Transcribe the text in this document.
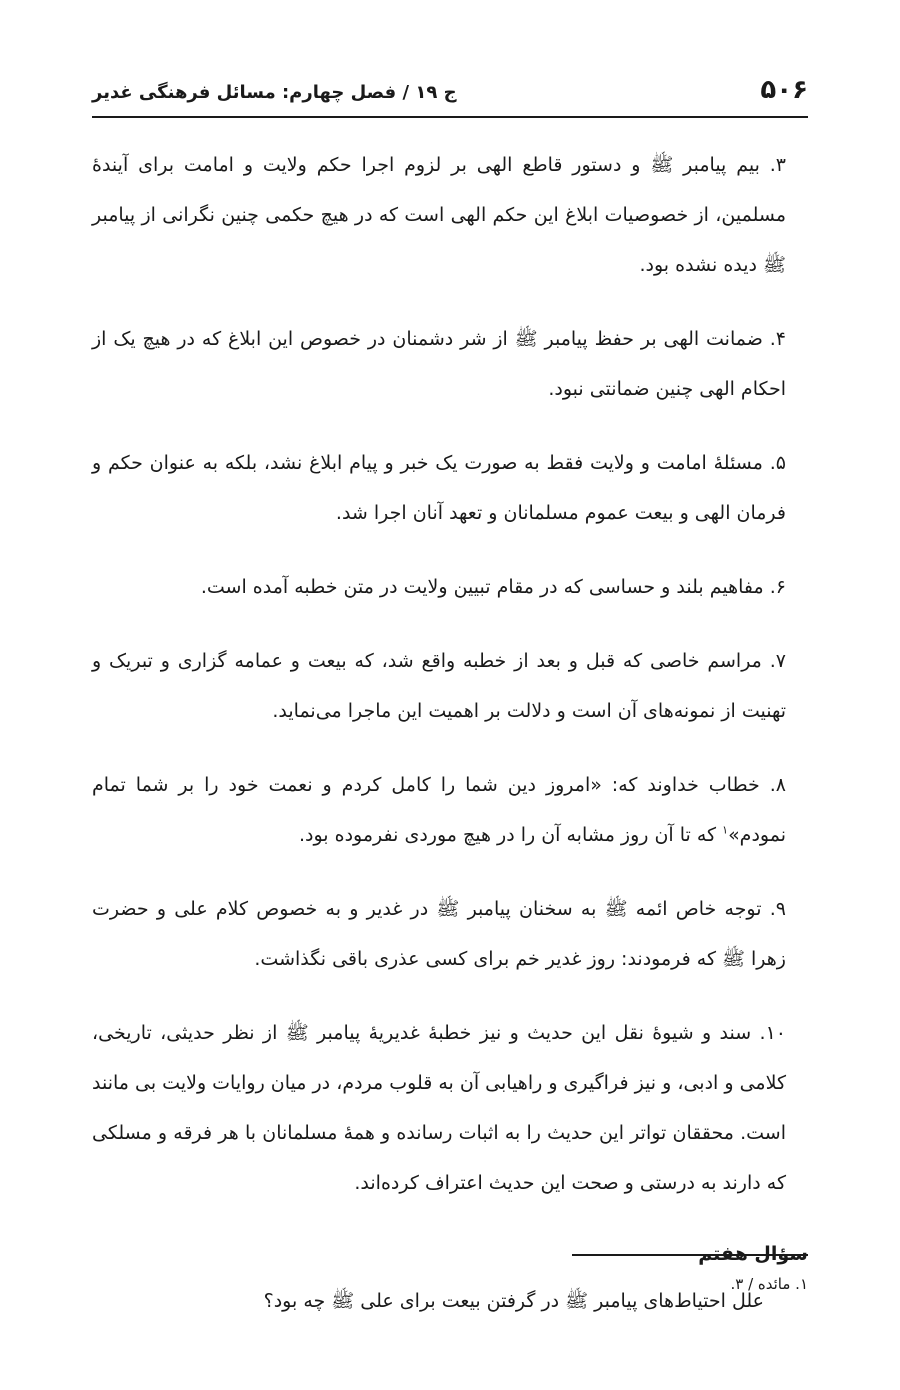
۵۰۶
ج ۱۹ / فصل چهارم: مسائل فرهنگی غدیر

۳. بیم پیامبر ﷺ و دستور قاطع الهی بر لزوم اجرا حکم ولایت و امامت برای آیندهٔ مسلمین، از خصوصیات ابلاغ این حکم الهی است که در هیچ حکمی چنین نگرانی از پیامبر ﷺ دیده نشده بود.

۴. ضمانت الهی بر حفظ پیامبر ﷺ از شر دشمنان در خصوص این ابلاغ که در هیچ یک از احکام الهی چنین ضمانتی نبود.

۵. مسئلهٔ امامت و ولایت فقط به صورت یک خبر و پیام ابلاغ نشد، بلکه به عنوان حکم و فرمان الهی و بیعت عموم مسلمانان و تعهد آنان اجرا شد.

۶. مفاهیم بلند و حساسی که در مقام تبیین ولایت در متن خطبه آمده است.

۷. مراسم خاصی که قبل و بعد از خطبه واقع شد، که بیعت و عمامه گزاری و تبریک و تهنیت از نمونه‌های آن است و دلالت بر اهمیت این ماجرا می‌نماید.

۸. خطاب خداوند که: «امروز دین شما را کامل کردم و نعمت خود را بر شما تمام نمودم»$^۱$ که تا آن روز مشابه آن را در هیچ موردی نفرموده بود.

۹. توجه خاص ائمه ﷺ به سخنان پیامبر ﷺ در غدیر و به خصوص کلام علی و حضرت زهرا ﷺ که فرمودند: روز غدیر خم برای کسی عذری باقی نگذاشت.

۱۰. سند و شیوهٔ نقل این حدیث و نیز خطبهٔ غدیریهٔ پیامبر ﷺ از نظر حدیثی، تاریخی، کلامی و ادبی، و نیز فراگیری و راهیابی آن به قلوب مردم، در میان روایات ولایت بی مانند است. محققان تواتر این حدیث را به اثبات رسانده و همهٔ مسلمانان با هر فرقه و مسلکی که دارند به درستی و صحت این حدیث اعتراف کرده‌اند.

سؤال هفتم

علل احتیاط‌های پیامبر ﷺ در گرفتن بیعت برای علی ﷺ چه بود؟

۱. مائده / ۳.
